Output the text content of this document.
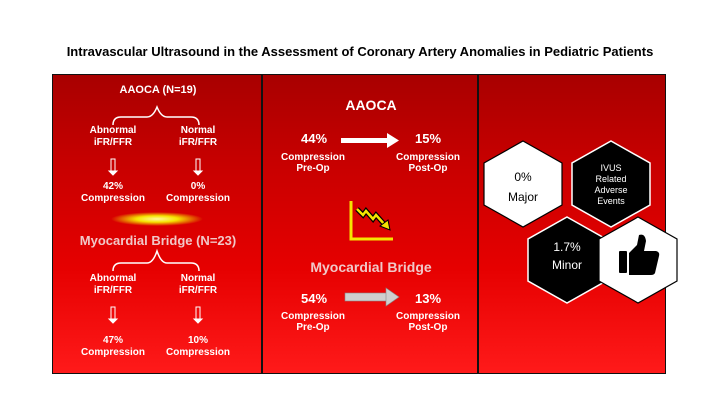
Intravascular Ultrasound in the Assessment of Coronary Artery Anomalies in Pediatric Patients
AAOCA (N=19)
Abnormal
iFR/FFR
Normal
iFR/FFR
42%
Compression
0%
Compression
Myocardial Bridge (N=23)
Abnormal
iFR/FFR
Normal
iFR/FFR
47%
Compression
10%
Compression
AAOCA
44%
Compression
Pre-Op
15%
Compression
Post-Op
Myocardial Bridge
54%
Compression
Pre-Op
13%
Compression
Post-Op
0%
Major
IVUS
Related
Adverse
Events
1.7%
Minor
